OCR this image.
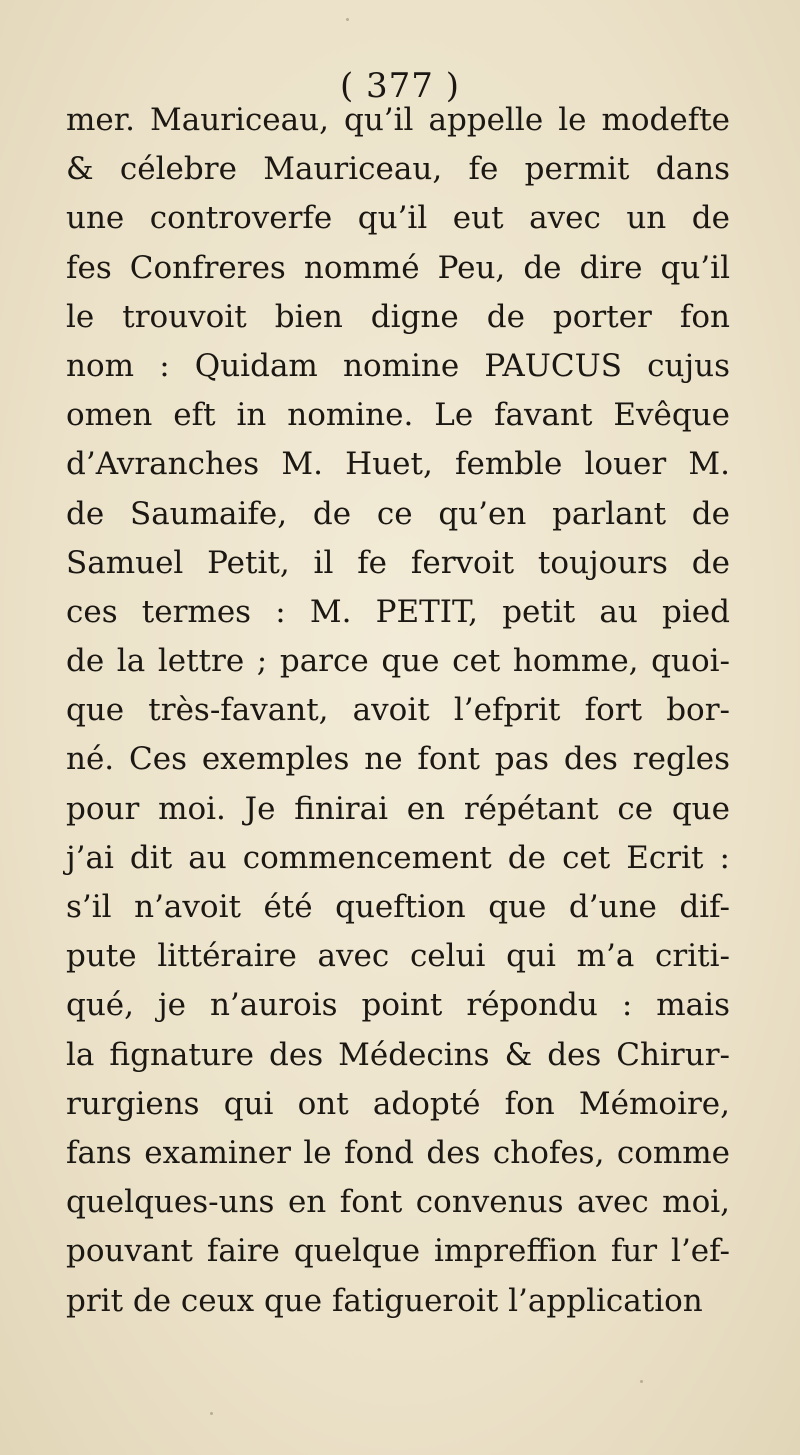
( 377 )
mer. Mauriceau, qu’il appelle le modefte
& célebre Mauriceau, fe permit dans
une controverfe qu’il eut avec un de
fes Confreres nommé Peu, de dire qu’il
le trouvoit bien digne de porter fon
nom : Quidam nomine PAUCUS cujus
omen eft in nomine. Le favant Evêque
d’Avranches M. Huet, femble louer M.
de Saumaife, de ce qu’en parlant de
Samuel Petit, il fe fervoit toujours de
ces termes : M. PETIT, petit au pied
de la lettre ; parce que cet homme, quoi-
que très-favant, avoit l’efprit fort bor-
né. Ces exemples ne font pas des regles
pour moi. Je finirai en répétant ce que
j’ai dit au commencement de cet Ecrit :
s’il n’avoit été queftion que d’une dif-
pute littéraire avec celui qui m’a criti-
qué, je n’aurois point répondu : mais
la fignature des Médecins & des Chirur-
rurgiens qui ont adopté fon Mémoire,
fans examiner le fond des chofes, comme
quelques-uns en font convenus avec moi,
pouvant faire quelque impreffion fur l’ef-
prit de ceux que fatigueroit l’application
